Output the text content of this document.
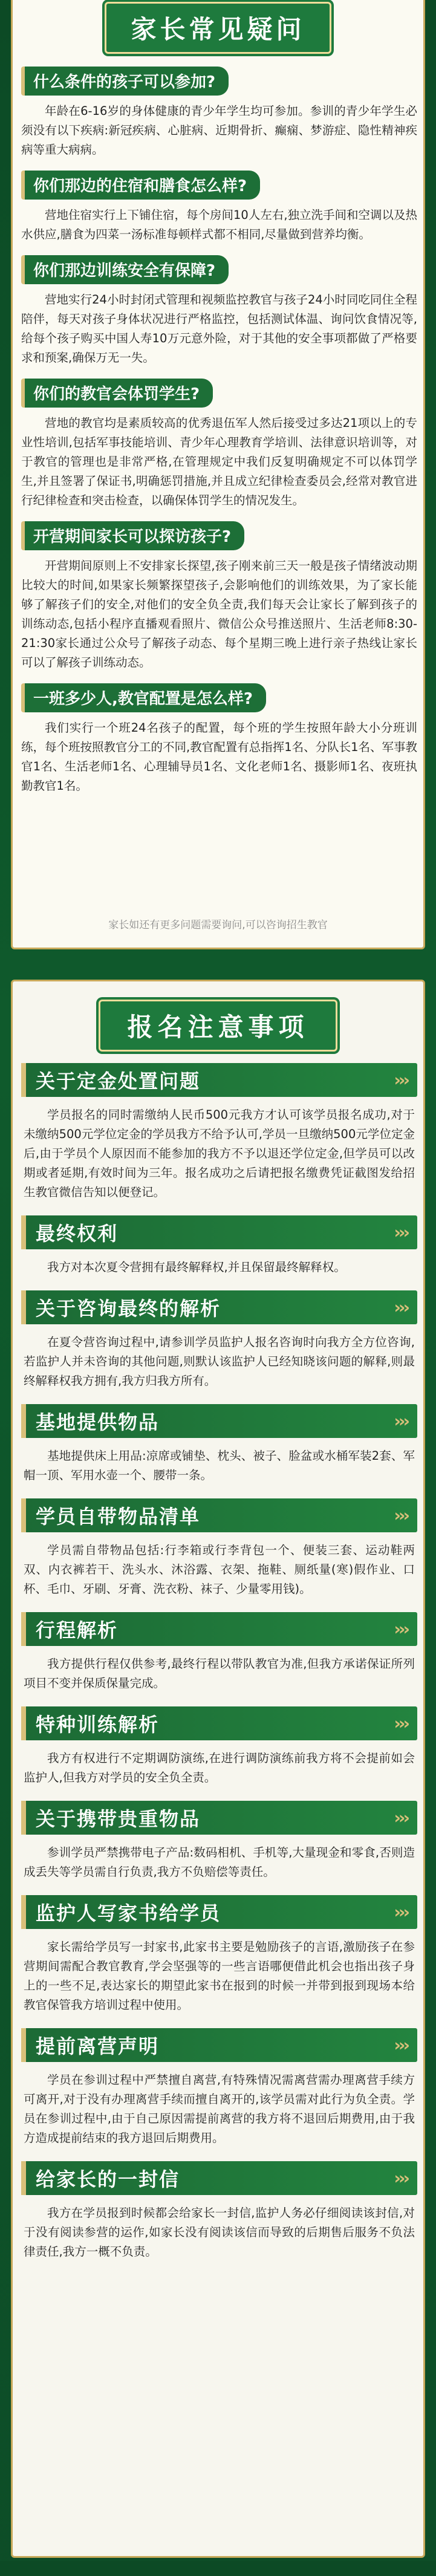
家长常见疑问
什么条件的孩子可以参加?
年龄在6-16岁的身体健康的青少年学生均可参加。参训的青少年学生必须没有以下疾病:新冠疾病、心脏病、近期骨折、癫痫、梦游症、隐性精神疾病等重大病病。
你们那边的住宿和膳食怎么样?
营地住宿实行上下铺住宿，每个房间10人左右,独立洗手间和空调以及热水供应,膳食为四菜一汤标准每顿样式都不相同,尽量做到营养均衡。
你们那边训练安全有保障?
营地实行24小时封闭式管理和视频监控教官与孩子24小时同吃同住全程陪伴，每天对孩子身体状况进行严格监控，包括测试体温、询问饮食情况等,给每个孩子购买中国人寿10万元意外险，对于其他的安全事项都做了严格要求和预案,确保万无一失。
你们的教官会体罚学生?
营地的教官均是素质较高的优秀退伍军人然后接受过多达21项以上的专业性培训,包括军事技能培训、青少年心理教育学培训、法律意识培训等，对于教官的管理也是非常严格,在管理规定中我们反复明确规定不可以体罚学生,并且签署了保证书,明确惩罚措施,并且成立纪律检查委员会,经常对教官进行纪律检查和突击检查，以确保体罚学生的情况发生。
开营期间家长可以探访孩子?
开营期间原则上不安排家长探望,孩子刚来前三天一般是孩子情绪波动期比较大的时间,如果家长频繁探望孩子,会影响他们的训练效果，为了家长能够了解孩子们的安全,对他们的安全负全责,我们每天会让家长了解到孩子的训练动态,包括小程序直播观看照片、微信公众号推送照片、生活老师8:30-21:30家长通过公众号了解孩子动态、每个星期三晚上进行亲子热线让家长可以了解孩子训练动态。
一班多少人,教官配置是怎么样?
我们实行一个班24名孩子的配置，每个班的学生按照年龄大小分班训练，每个班按照教官分工的不同,教官配置有总指挥1名、分队长1名、军事教官1名、生活老师1名、心理辅导员1名、文化老师1名、摄影师1名、夜班执勤教官1名。
家长如还有更多问题需要询问,可以咨询招生教官
报名注意事项
关于定金处置问题	›››
学员报名的同时需缴纳人民币500元我方才认可该学员报名成功,对于未缴纳500元学位定金的学员我方不给予认可,学员一旦缴纳500元学位定金后,由于学员个人原因而不能参加的我方不予以退还学位定金,但学员可以改期或者延期,有效时间为三年。报名成功之后请把报名缴费凭证截图发给招生教官微信告知以便登记。
最终权利	›››
我方对本次夏令营拥有最终解释权,并且保留最终解释权。
关于咨询最终的解析	›››
在夏令营咨询过程中,请参训学员监护人报名咨询时向我方全方位咨询,若监护人并未咨询的其他问题,则默认该监护人已经知晓该问题的解释,则最终解释权我方拥有,我方归我方所有。
基地提供物品	›››
基地提供床上用品:凉席或铺垫、枕头、被子、脸盆或水桶军装2套、军帽一顶、军用水壶一个、腰带一条。
学员自带物品清单	›››
学员需自带物品包括:行李箱或行李背包一个、便装三套、运动鞋两双、内衣裤若干、洗头水、沐浴露、衣架、拖鞋、厕纸量(寒)假作业、口杯、毛巾、牙刷、牙膏、洗衣粉、袜子、少量零用钱)。
行程解析	›››
我方提供行程仅供参考,最终行程以带队教官为准,但我方承诺保证所列项目不变并保质保量完成。
特种训练解析	›››
我方有权进行不定期调防演练,在进行调防演练前我方将不会提前如会监护人,但我方对学员的安全负全责。
关于携带贵重物品	›››
参训学员严禁携带电子产品:数码相机、手机等,大量现金和零食,否则造成丢失等学员需自行负责,我方不负赔偿等责任。
监护人写家书给学员	›››
家长需给学员写一封家书,此家书主要是勉励孩子的言语,激励孩子在参营期间需配合教官教育,学会坚强等的一些言语哪便借此机会也指出孩子身上的一些不足,表达家长的期望此家书在报到的时候一并带到报到现场本给教官保管我方培训过程中使用。
提前离营声明	›››
学员在参训过程中严禁擅自离营,有特殊情况需离营需办理离营手续方可离开,对于没有办理离营手续而擅自离开的,该学员需对此行为负全责。学员在参训过程中,由于自己原因需提前离营的我方将不退回后期费用,由于我方造成提前结束的我方退回后期费用。
给家长的一封信	›››
我方在学员报到时候都会给家长一封信,监护人务必仔细阅读该封信,对于没有阅读参营的运作,如家长没有阅读该信而导致的后期售后服务不负法律责任,我方一概不负责。
